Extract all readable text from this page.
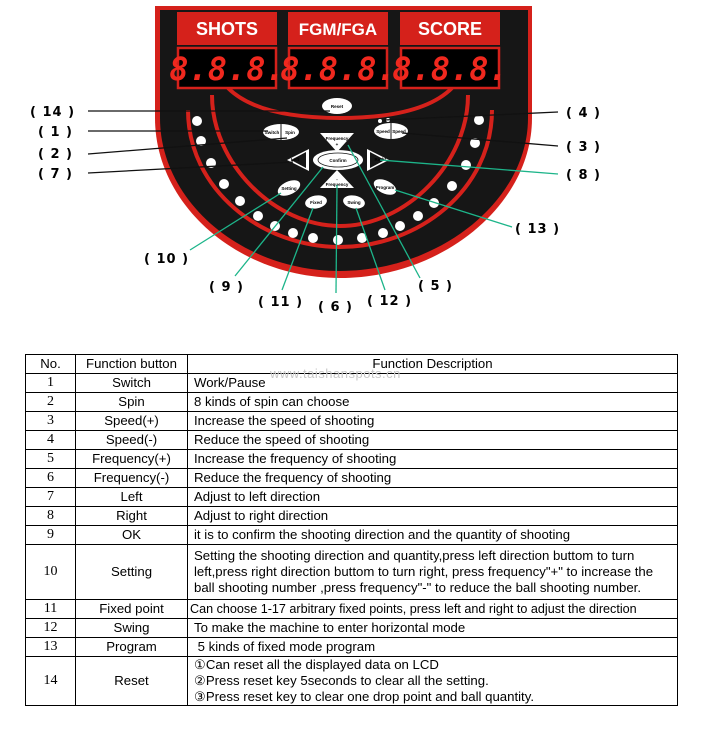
SHOTS
8.8.8.
FGM/FGA
8.8.8.
SCORE
8.8.8.
Reset
Switch Spin	Speed Speed
Frequency
+
Left	Confirm	Right
-
Frequency
Setting
Fixed	Swing
Program
( 14 )
( 1 )
( 2 )
( 7 )
( 4 )
( 3 )
( 8 )
( 13 )
( 10 )
( 9 )
( 11 ) ( 6 ) ( 12 )
( 5 )
No.	Function button	Function Description
1	Switch	Work/Pause
2	Spin	8 kinds of spin can choose
3	Speed(+)	Increase the speed of shooting
4	Speed(-)	Reduce the speed of shooting
5	Frequency(+)	Increase the frequency of shooting
6	Frequency(-)	Reduce the frequency of shooting
7	Left	Adjust to left direction
8	Right	Adjust to right direction
9	OK	it is to confirm the shooting direction and the quantity of shooting
10	Setting	Setting the shooting direction and quantity,press left direction buttom to turn left,press right direction buttom to turn right, press frequency"+" to increase the ball shooting number ,press frequency"-" to reduce the ball shooting number.
11	Fixed point	Can choose 1-17 arbitrary fixed points, press left and right to adjust the direction
12	Swing	To make the machine to enter horizontal mode
13	Program	5 kinds of fixed mode program
14	Reset	①Can reset all the displayed data on LCD
②Press reset key 5seconds to clear all the setting.
③Press reset key to clear one drop point and ball quantity.
www.taishanspots.cn
